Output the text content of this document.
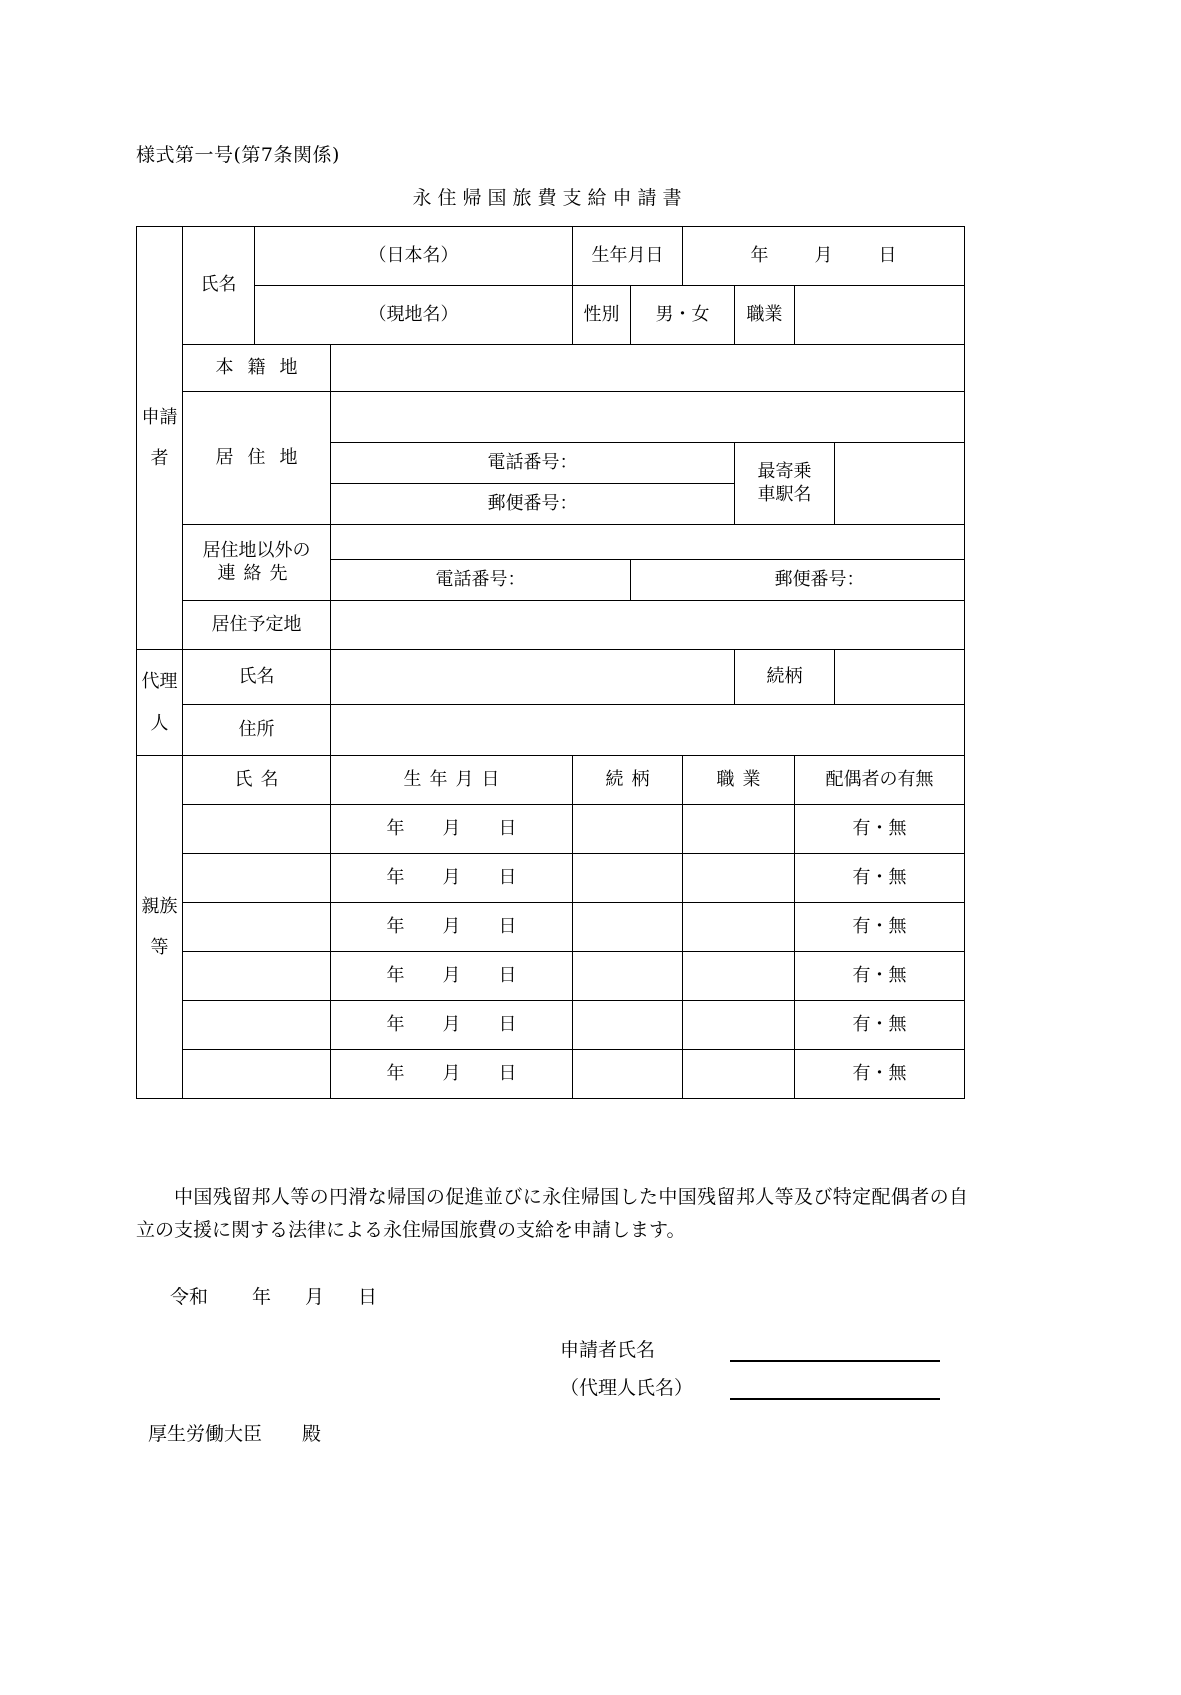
様式第一号(第7条関係)
永住帰国旅費支給申請書
申請者	氏名	（日本名）		生年月日		年 月 日			
		（現地名）		性別	男・女		職業		
	本籍地								
	居住地								
			電話番号：				最寄乗
車駅名		
			郵便番号：						
	居住地以外の
連絡先								
			電話番号：		郵便番号：				
	居住予定地								

代理人	氏名						続柄		
	住所								

親族等	氏名		生年月日	続柄		職業		配偶者の有無	
			年 月 日					有・無	
			年 月 日					有・無	
			年 月 日					有・無	
			年 月 日					有・無	
			年 月 日					有・無	
			年 月 日					有・無	
中国残留邦人等の円滑な帰国の促進並びに永住帰国した中国残留邦人等及び特定配偶者の自立の支援に関する法律による永住帰国旅費の支給を申請します。
令和 年 月 日
申請者氏名
（代理人氏名）
厚生労働大臣 殿
